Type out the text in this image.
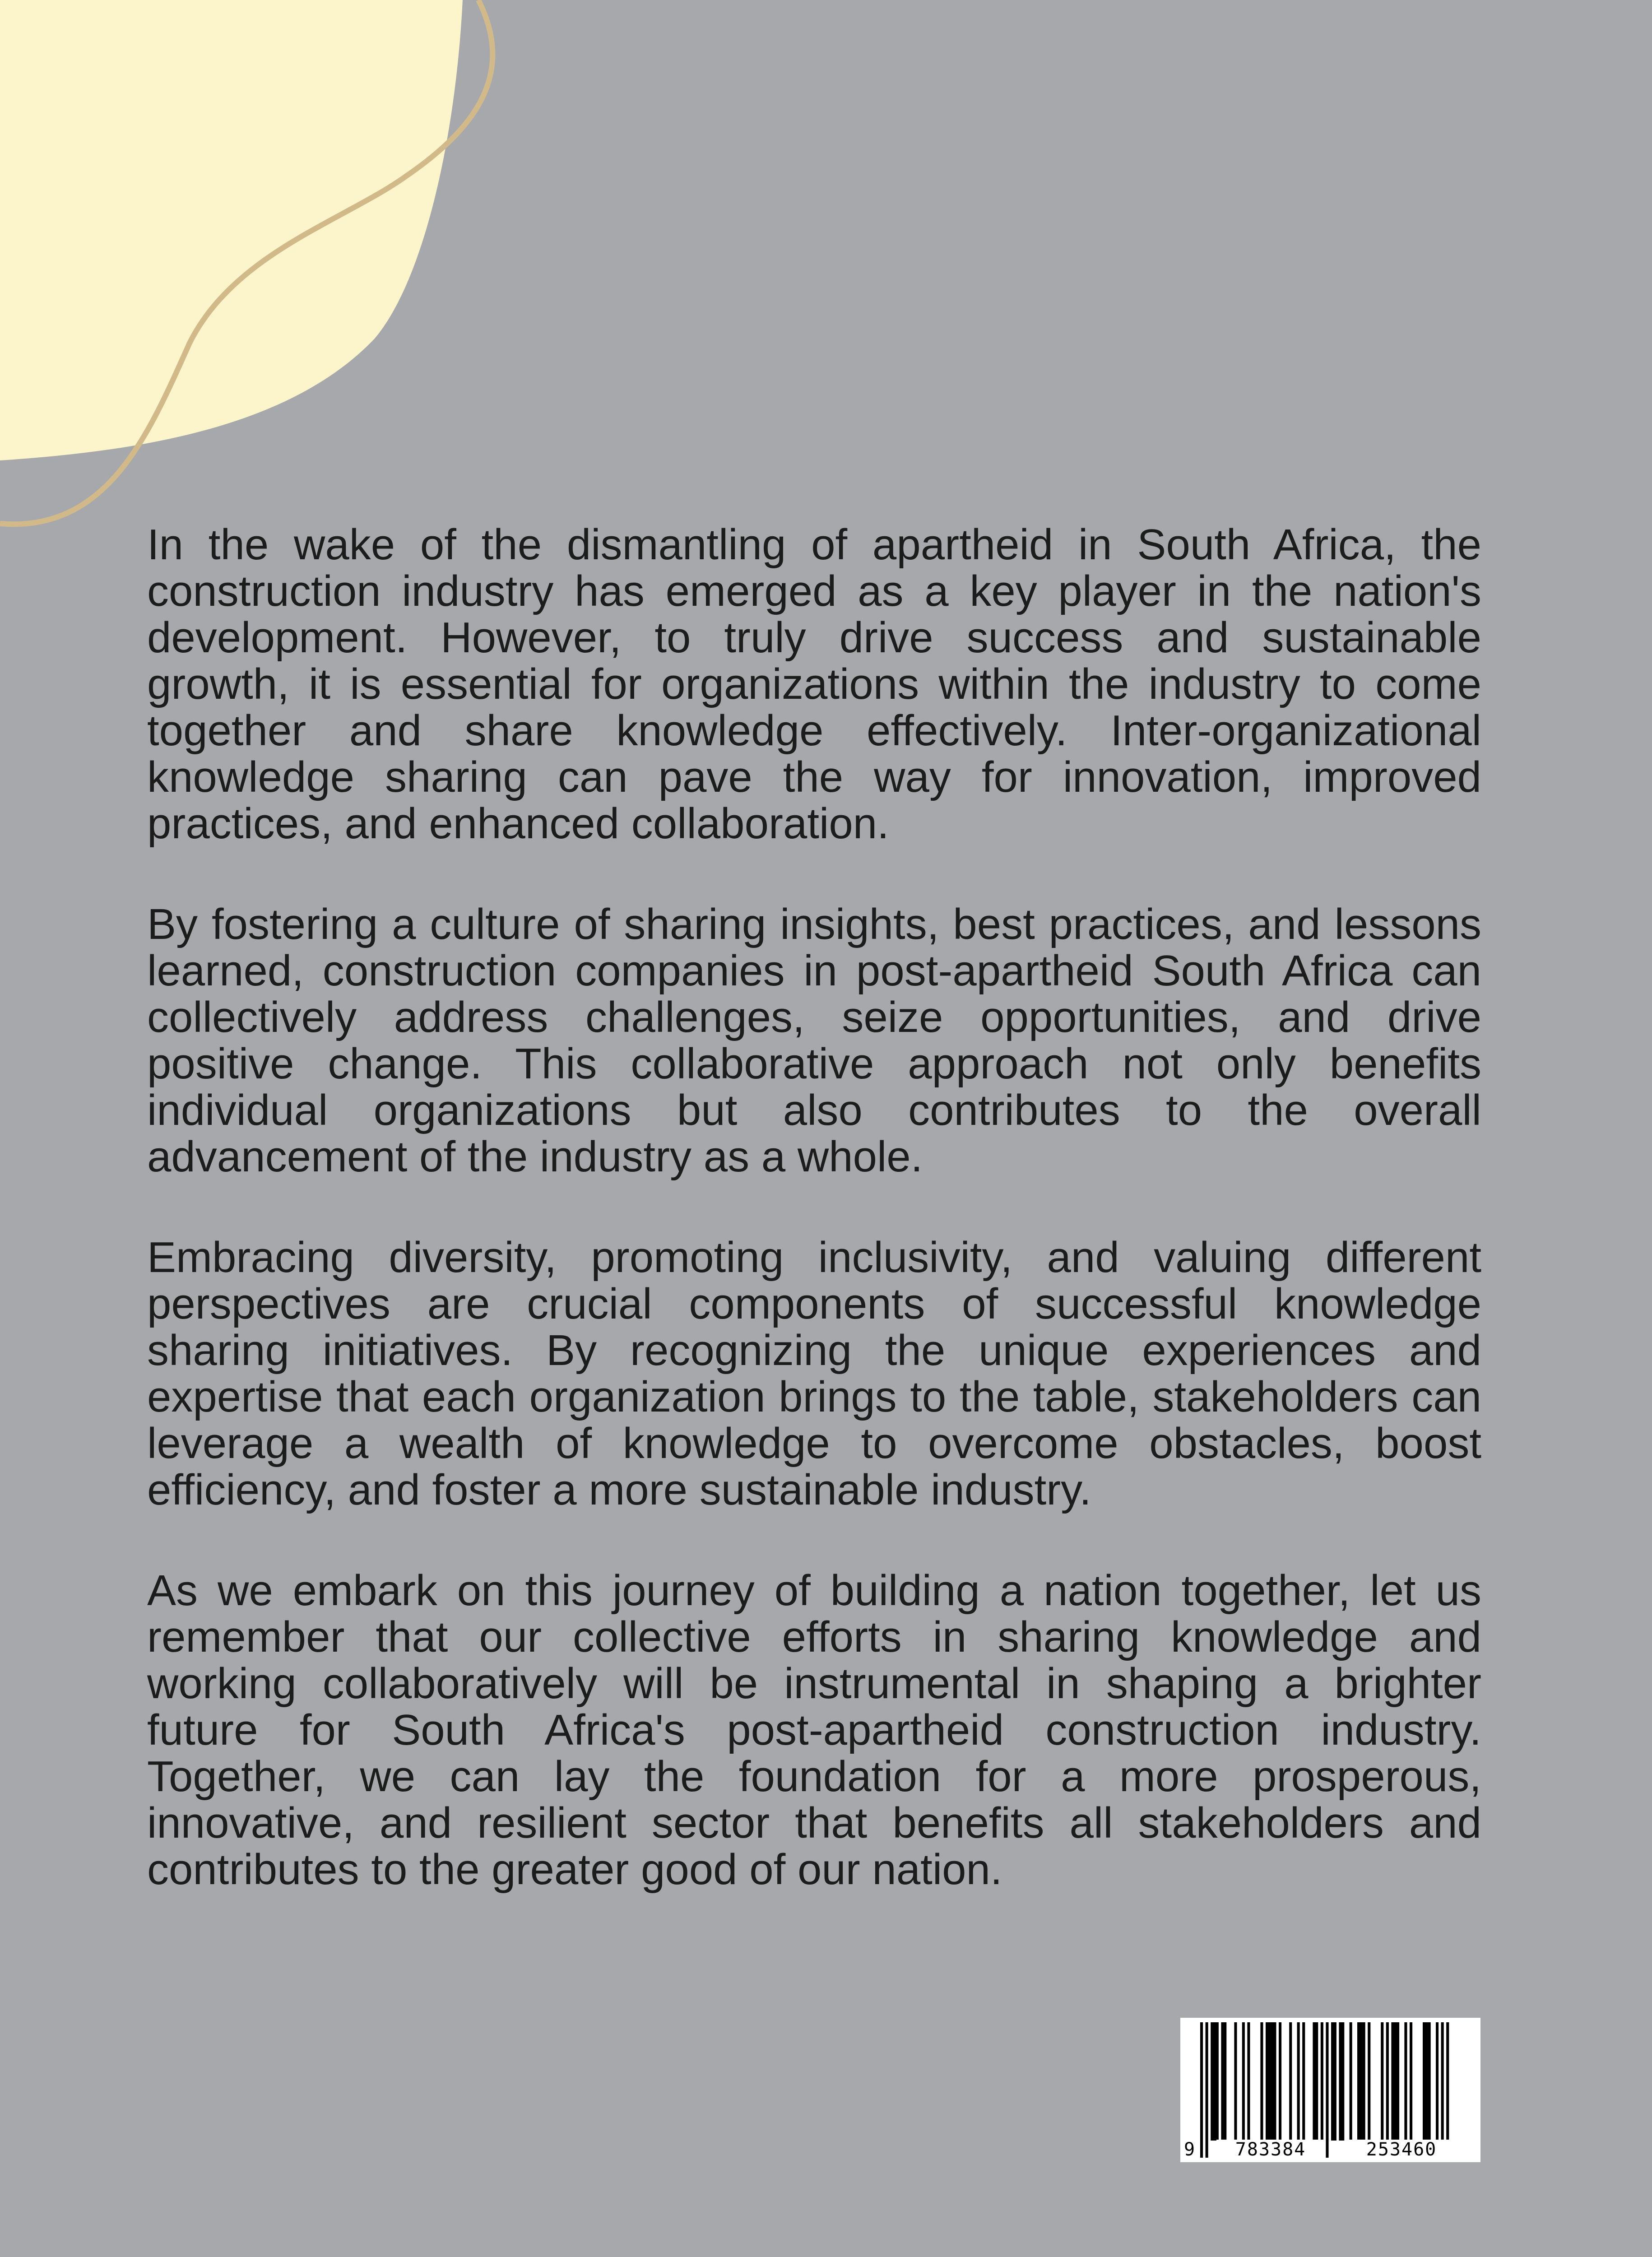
In the wake of the dismantling of apartheid in South Africa, the construction industry has emerged as a key player in the nation's development. However, to truly drive success and sustainable growth, it is essential for organizations within the industry to come together and share knowledge effectively. Inter-organizational knowledge sharing can pave the way for innovation, improved practices, and enhanced collaboration.

By fostering a culture of sharing insights, best practices, and lessons learned, construction companies in post-apartheid South Africa can collectively address challenges, seize opportunities, and drive positive change. This collaborative approach not only benefits individual organizations but also contributes to the overall advancement of the industry as a whole.

Embracing diversity, promoting inclusivity, and valuing different perspectives are crucial components of successful knowledge sharing initiatives. By recognizing the unique experiences and expertise that each organization brings to the table, stakeholders can leverage a wealth of knowledge to overcome obstacles, boost efficiency, and foster a more sustainable industry.

As we embark on this journey of building a nation together, let us remember that our collective efforts in sharing knowledge and working collaboratively will be instrumental in shaping a brighter future for South Africa's post-apartheid construction industry. Together, we can lay the foundation for a more prosperous, innovative, and resilient sector that benefits all stakeholders and contributes to the greater good of our nation.

9	783384	253460
